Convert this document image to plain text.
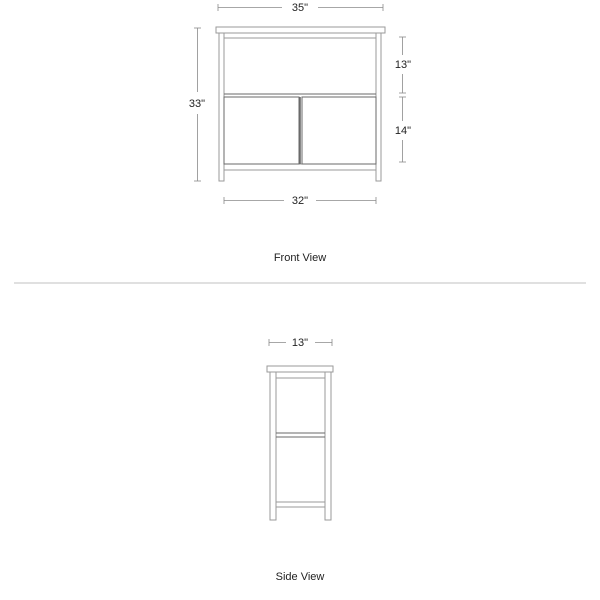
35"
33"
13"
14"
32"
Front View
13"
Side View
